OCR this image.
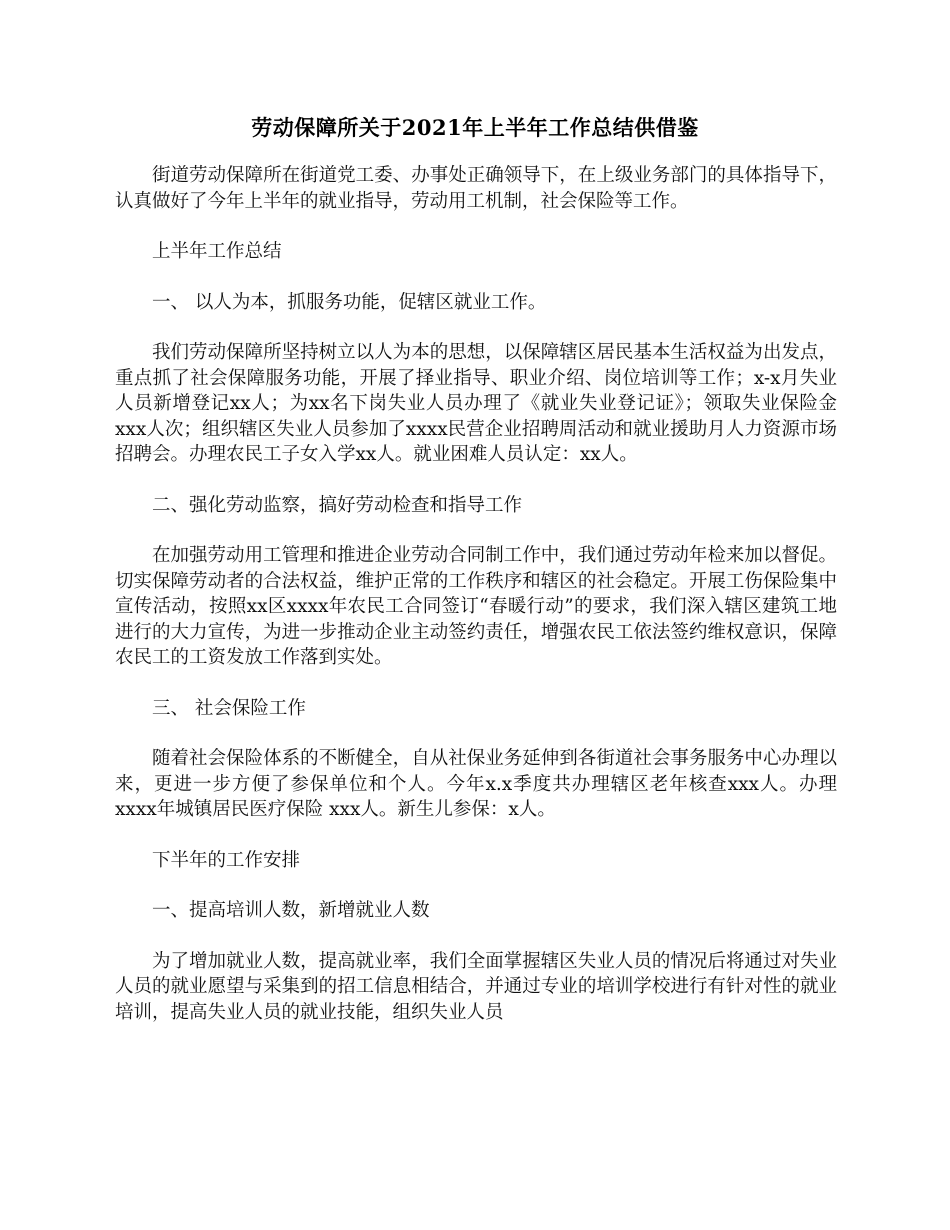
劳动保障所关于2021年上半年工作总结供借鉴

街道劳动保障所在街道党工委、办事处正确领导下，在上级业务部门的具体指导下，认真做好了今年上半年的就业指导，劳动用工机制，社会保险等工作。

上半年工作总结

一、 以人为本，抓服务功能，促辖区就业工作。

我们劳动保障所坚持树立以人为本的思想，以保障辖区居民基本生活权益为出发点，重点抓了社会保障服务功能，开展了择业指导、职业介绍、岗位培训等工作；x-x月失业人员新增登记xx人；为xx名下岗失业人员办理了《就业失业登记证》；领取失业保险金xxx人次；组织辖区失业人员参加了xxxx民营企业招聘周活动和就业援助月人力资源市场招聘会。办理农民工子女入学xx人。就业困难人员认定：xx人。

二、强化劳动监察，搞好劳动检查和指导工作

在加强劳动用工管理和推进企业劳动合同制工作中，我们通过劳动年检来加以督促。切实保障劳动者的合法权益，维护正常的工作秩序和辖区的社会稳定。开展工伤保险集中宣传活动，按照xx区xxxx年农民工合同签订“春暖行动”的要求，我们深入辖区建筑工地进行的大力宣传，为进一步推动企业主动签约责任，增强农民工依法签约维权意识，保障农民工的工资发放工作落到实处。

三、 社会保险工作

随着社会保险体系的不断健全，自从社保业务延伸到各街道社会事务服务中心办理以来，更进一步方便了参保单位和个人。今年x.x季度共办理辖区老年核查xxx人。办理xxxx年城镇居民医疗保险 xxx人。新生儿参保：x人。

下半年的工作安排

一、提高培训人数，新增就业人数

为了增加就业人数，提高就业率，我们全面掌握辖区失业人员的情况后将通过对失业人员的就业愿望与采集到的招工信息相结合，并通过专业的培训学校进行有针对性的就业培训，提高失业人员的就业技能，组织失业人员
